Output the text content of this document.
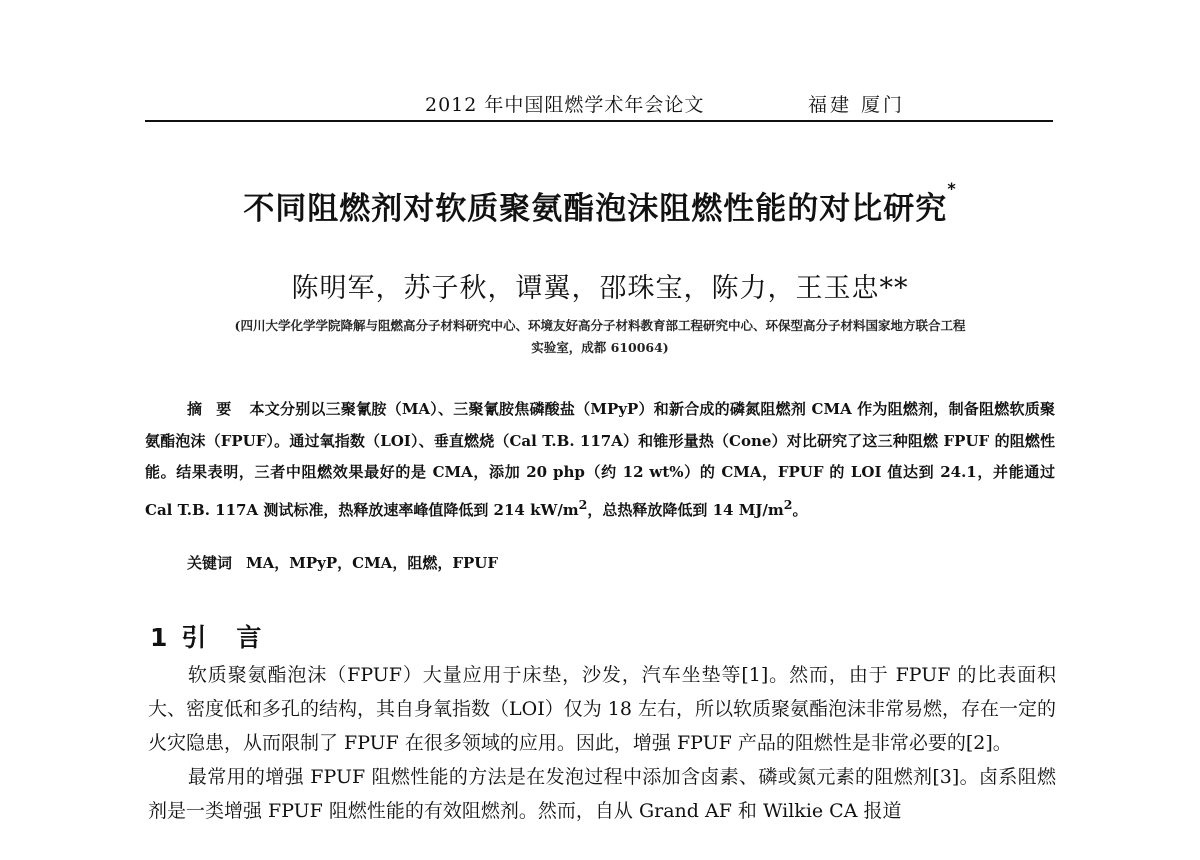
2012 年中国阻燃学术年会论文	福建 厦门
不同阻燃剂对软质聚氨酯泡沫阻燃性能的对比研究*
陈明军，苏子秋，谭翼，邵珠宝，陈力，王玉忠**
(四川大学化学学院降解与阻燃高分子材料研究中心、环境友好高分子材料教育部工程研究中心、环保型高分子材料国家地方联合工程
实验室，成都 610064)
摘要 本文分别以三聚氰胺（MA）、三聚氰胺焦磷酸盐（MPyP）和新合成的磷氮阻燃剂 CMA 作为阻燃剂，制备阻燃软质聚氨酯泡沫（FPUF）。通过氧指数（LOI）、垂直燃烧（Cal T.B. 117A）和锥形量热（Cone）对比研究了这三种阻燃 FPUF 的阻燃性能。结果表明，三者中阻燃效果最好的是 CMA，添加 20 php（约 12 wt%）的 CMA，FPUF 的 LOI 值达到 24.1，并能通过 Cal T.B. 117A 测试标准，热释放速率峰值降低到 214 $kW/m^2$，总热释放降低到 14 $MJ/m^2$。
关键词 MA，MPyP，CMA，阻燃，FPUF
1 引言

软质聚氨酯泡沫（FPUF）大量应用于床垫，沙发，汽车坐垫等[1]。然而，由于 FPUF 的比表面积大、密度低和多孔的结构，其自身氧指数（LOI）仅为 18 左右，所以软质聚氨酯泡沫非常易燃，存在一定的火灾隐患，从而限制了 FPUF 在很多领域的应用。因此，增强 FPUF 产品的阻燃性是非常必要的[2]。

最常用的增强 FPUF 阻燃性能的方法是在发泡过程中添加含卤素、磷或氮元素的阻燃剂[3]。卤系阻燃剂是一类增强 FPUF 阻燃性能的有效阻燃剂。然而，自从 Grand AF 和 Wilkie CA 报道
